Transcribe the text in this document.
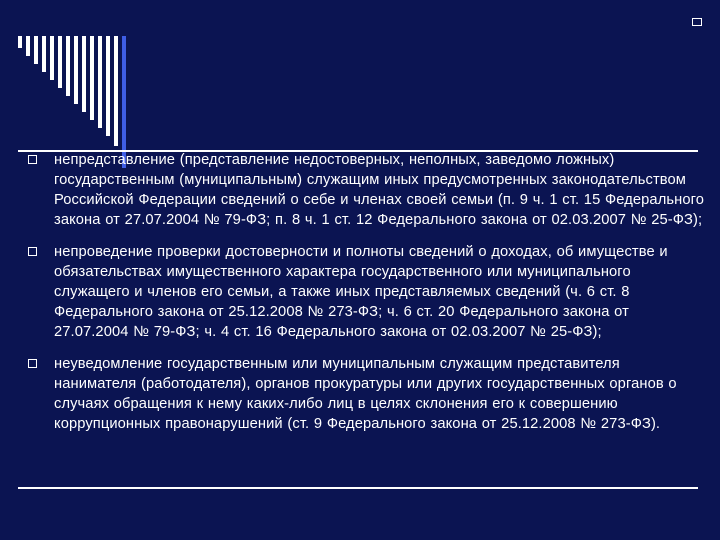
непредставление (представление недостоверных, неполных, заведомо ложных) государственным (муниципальным) служащим иных предусмотренных законодательством Российской Федерации сведений о себе и членах своей семьи (п. 9 ч. 1 ст. 15 Федерального закона от 27.07.2004 № 79-ФЗ; п. 8 ч. 1 ст. 12 Федерального закона от 02.03.2007 № 25-ФЗ);
непроведение проверки достоверности и полноты сведений о доходах, об имуществе и обязательствах имущественного характера государственного или муниципального служащего и членов его семьи, а также иных представляемых сведений (ч. 6 ст. 8 Федерального закона от 25.12.2008 № 273-ФЗ; ч. 6 ст. 20 Федерального закона от 27.07.2004 № 79-ФЗ; ч. 4 ст. 16 Федерального закона от 02.03.2007 № 25-ФЗ);
неуведомление государственным или муниципальным служащим представителя нанимателя (работодателя), органов прокуратуры или других государственных органов о случаях обращения к нему каких-либо лиц в целях склонения его к совершению коррупционных правонарушений (ст. 9 Федерального закона от 25.12.2008 № 273-ФЗ).
